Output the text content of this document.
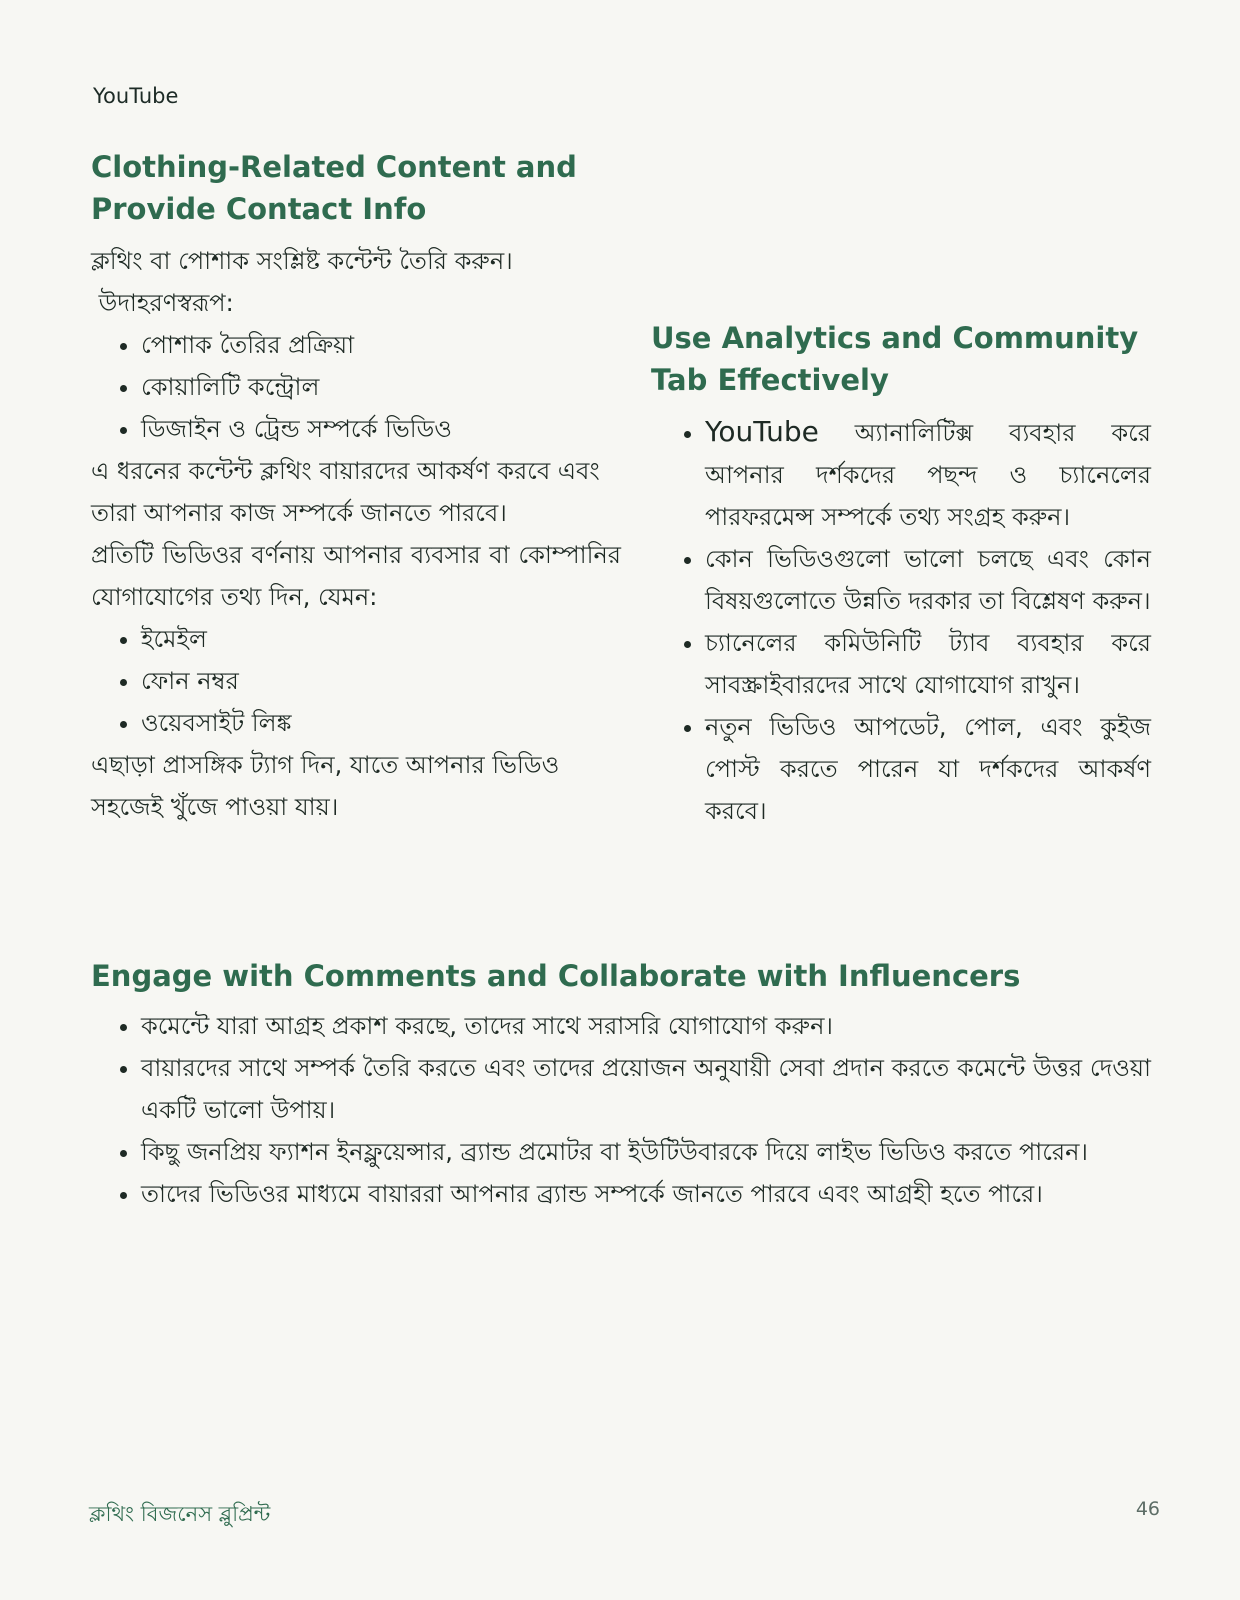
YouTube
Clothing-Related Content and Provide Contact Info

ক্লথিং বা পোশাক সংশ্লিষ্ট কন্টেন্ট তৈরি করুন।

উদাহরণস্বরূপ:

• পোশাক তৈরির প্রক্রিয়া
• কোয়ালিটি কন্ট্রোল
• ডিজাইন ও ট্রেন্ড সম্পর্কে ভিডিও

এ ধরনের কন্টেন্ট ক্লথিং বায়ারদের আকর্ষণ করবে এবং তারা আপনার কাজ সম্পর্কে জানতে পারবে।

প্রতিটি ভিডিওর বর্ণনায় আপনার ব্যবসার বা কোম্পানির যোগাযোগের তথ্য দিন, যেমন:

• ইমেইল
• ফোন নম্বর
• ওয়েবসাইট লিঙ্ক

এছাড়া প্রাসঙ্গিক ট্যাগ দিন, যাতে আপনার ভিডিও সহজেই খুঁজে পাওয়া যায়।

Use Analytics and Community Tab Effectively
• YouTube অ্যানালিটিক্স ব্যবহার করে আপনার দর্শকদের পছন্দ ও চ্যানেলের পারফরমেন্স সম্পর্কে তথ্য সংগ্রহ করুন।
• কোন ভিডিওগুলো ভালো চলছে এবং কোন বিষয়গুলোতে উন্নতি দরকার তা বিশ্লেষণ করুন।
• চ্যানেলের কমিউনিটি ট্যাব ব্যবহার করে সাবস্ক্রাইবারদের সাথে যোগাযোগ রাখুন।
• নতুন ভিডিও আপডেট, পোল, এবং কুইজ পোস্ট করতে পারেন যা দর্শকদের আকর্ষণ করবে।
Engage with Comments and Collaborate with Influencers
• কমেন্টে যারা আগ্রহ প্রকাশ করছে, তাদের সাথে সরাসরি যোগাযোগ করুন।
• বায়ারদের সাথে সম্পর্ক তৈরি করতে এবং তাদের প্রয়োজন অনুযায়ী সেবা প্রদান করতে কমেন্টে উত্তর দেওয়া একটি ভালো উপায়।
• কিছু জনপ্রিয় ফ্যাশন ইনফ্লুয়েন্সার, ব্র্যান্ড প্রমোটর বা ইউটিউবারকে দিয়ে লাইভ ভিডিও করতে পারেন।
• তাদের ভিডিওর মাধ্যমে বায়াররা আপনার ব্র্যান্ড সম্পর্কে জানতে পারবে এবং আগ্রহী হতে পারে।
ক্লথিং বিজনেস ব্লুপ্রিন্ট	46
